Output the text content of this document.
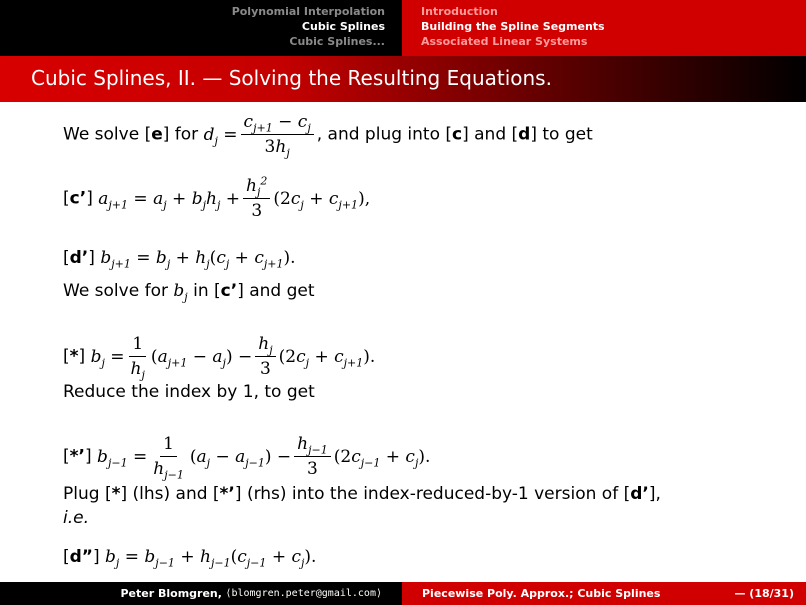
Polynomial Interpolation
Cubic Splines
Cubic Splines...
Introduction
Building the Spline Segments
Associated Linear Systems
Cubic Splines, II. — Solving the Resulting Equations.
We solve [e] for $d_j = \frac{c_{j+1} - c_j}{3h_j}$ , and plug into [c] and [d] to get
[c’] $a_{j+1} = a_j + b_jh_j + \frac{h_j^2}{3} (2c_j + c_{j+1})$,
[d’] $b_{j+1} = b_j + h_j(c_j + c_{j+1})$.
We solve for $b_j$ in [c’] and get
[*] $b_j = \frac{1}{h_j} (a_{j+1} - a_j) - \frac{h_j}{3} (2c_j + c_{j+1})$.
Reduce the index by 1, to get
[*’] $b_{j-1} = \frac{1}{h_{j-1}} (a_j - a_{j-1}) - \frac{h_{j-1}}{3} (2c_{j-1} + c_j)$.
Plug [*] (lhs) and [*’] (rhs) into the index-reduced-by-1 version of [d’],
i.e.
[d”] $b_j = b_{j-1} + h_{j-1}(c_{j-1} + c_j)$.
Peter Blomgren,
⟨blomgren.peter@gmail.com⟩	Piecewise Poly. Approx.; Cubic Splines	— (18/31)
